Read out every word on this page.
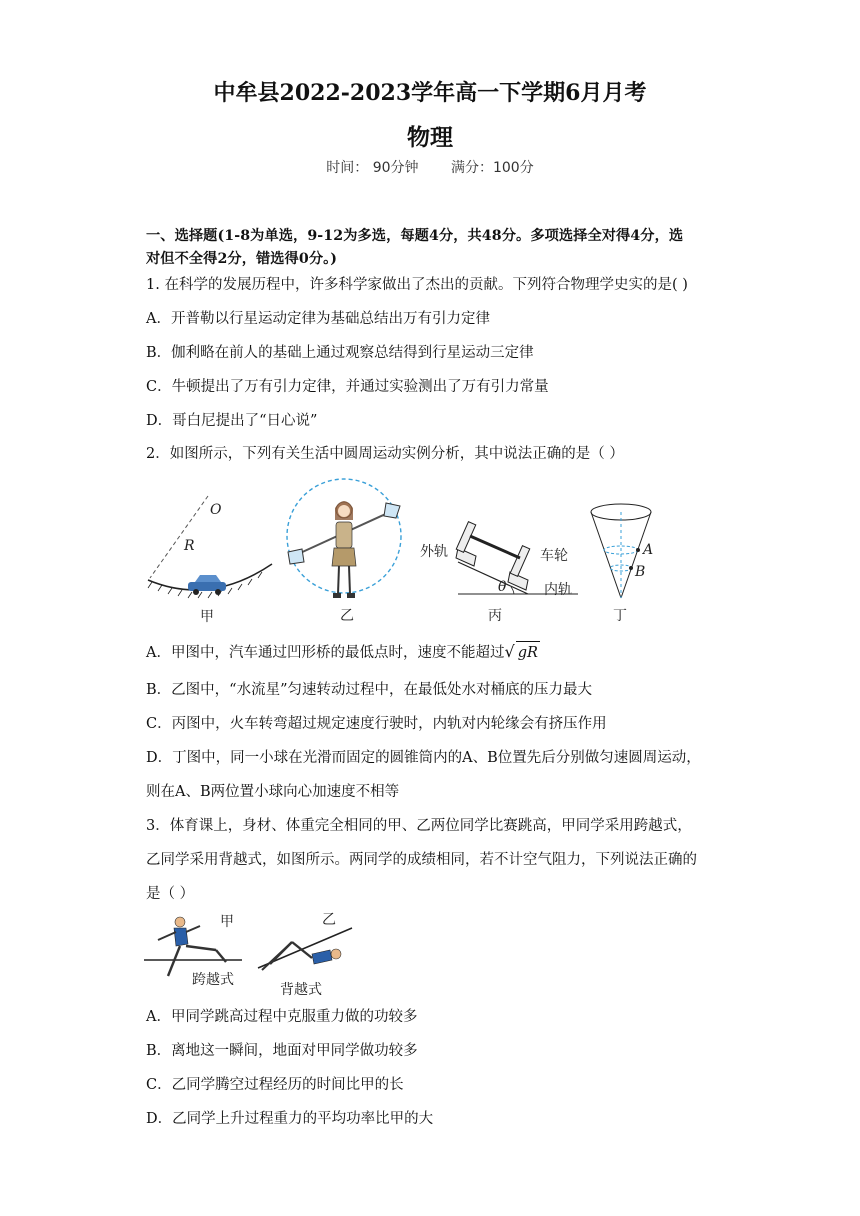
中牟县2022-2023学年高一下学期6月月考
物理
时间： 90分钟 满分：100分
一、选择题(1-8为单选，9-12为多选，每题4分，共48分。多项选择全对得4分，选
对但不全得2分，错选得0分。)
1. 在科学的发展历程中，许多科学家做出了杰出的贡献。下列符合物理学史实的是( )
A．开普勒以行星运动定律为基础总结出万有引力定律
B．伽利略在前人的基础上通过观察总结得到行星运动三定律
C．牛顿提出了万有引力定律，并通过实验测出了万有引力常量
D．哥白尼提出了“日心说”
2．如图所示，下列有关生活中圆周运动实例分析，其中说法正确的是（ ）
O
R
甲	乙
θ
外轨	车轮
内轨
丙
A
B
丁
A．甲图中，汽车通过凹形桥的最低点时，速度不能超过√ gR
B．乙图中，“水流星”匀速转动过程中，在最低处水对桶底的压力最大
C．丙图中，火车转弯超过规定速度行驶时，内轨对内轮缘会有挤压作用
D．丁图中，同一小球在光滑而固定的圆锥筒内的A、B位置先后分别做匀速圆周运动，
则在A、B两位置小球向心加速度不相等
3．体育课上，身材、体重完全相同的甲、乙两位同学比赛跳高，甲同学采用跨越式，
乙同学采用背越式，如图所示。两同学的成绩相同，若不计空气阻力，下列说法正确的
是（ ）
甲
跨越式
乙
背越式
A．甲同学跳高过程中克服重力做的功较多
B．离地这一瞬间，地面对甲同学做功较多
C．乙同学腾空过程经历的时间比甲的长
D．乙同学上升过程重力的平均功率比甲的大
